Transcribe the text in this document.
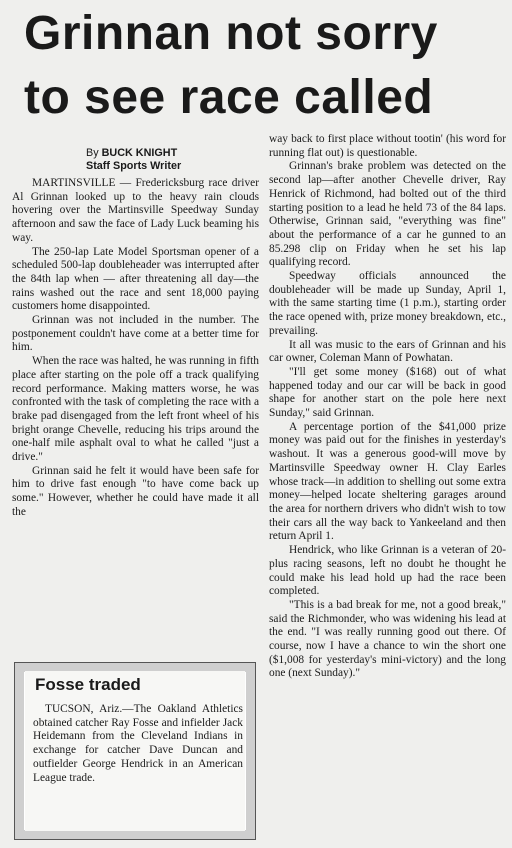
Grinnan not sorry
to see race called
By BUCK KNIGHT
Staff Sports Writer

MARTINSVILLE — Fredericksburg race driver Al Grinnan looked up to the heavy rain clouds hovering over the Martinsville Speedway Sunday afternoon and saw the face of Lady Luck beaming his way.

The 250-lap Late Model Sportsman opener of a scheduled 500-lap doubleheader was interrupted after the 84th lap when — after threatening all day—the rains washed out the race and sent 18,000 paying customers home disappointed.

Grinnan was not included in the number. The postponement couldn't have come at a better time for him.

When the race was halted, he was running in fifth place after starting on the pole off a track qualifying record performance. Making matters worse, he was confronted with the task of completing the race with a brake pad disengaged from the left front wheel of his bright orange Chevelle, reducing his trips around the one-half mile asphalt oval to what he called "just a drive."

Grinnan said he felt it would have been safe for him to drive fast enough "to have come back up some." However, whether he could have made it all the

way back to first place without tootin' (his word for running flat out) is questionable.

Grinnan's brake problem was detected on the second lap—after another Chevelle driver, Ray Henrick of Richmond, had bolted out of the third starting position to a lead he held 73 of the 84 laps. Otherwise, Grinnan said, "everything was fine" about the performance of a car he gunned to an 85.298 clip on Friday when he set his lap qualifying record.

Speedway officials announced the doubleheader will be made up Sunday, April 1, with the same starting time (1 p.m.), starting order the race opened with, prize money breakdown, etc., prevailing.

It all was music to the ears of Grinnan and his car owner, Coleman Mann of Powhatan.

"I'll get some money ($168) out of what happened today and our car will be back in good shape for another start on the pole here next Sunday," said Grinnan.

A percentage portion of the $41,000 prize money was paid out for the finishes in yesterday's washout. It was a generous good-will move by Martinsville Speedway owner H. Clay Earles whose track—in addition to shelling out some extra money—helped locate sheltering garages around the area for northern drivers who didn't wish to tow their cars all the way back to Yankeeland and then return April 1.

Hendrick, who like Grinnan is a veteran of 20-plus racing seasons, left no doubt he thought he could make his lead hold up had the race been completed.

"This is a bad break for me, not a good break," said the Richmonder, who was widening his lead at the end. "I was really running good out there. Of course, now I have a chance to win the short one ($1,008 for yesterday's mini-victory) and the long one (next Sunday)."

Fosse traded

TUCSON, Ariz.—The Oakland Athletics obtained catcher Ray Fosse and infielder Jack Heidemann from the Cleveland Indians in exchange for catcher Dave Duncan and outfielder George Hendrick in an American League trade.
